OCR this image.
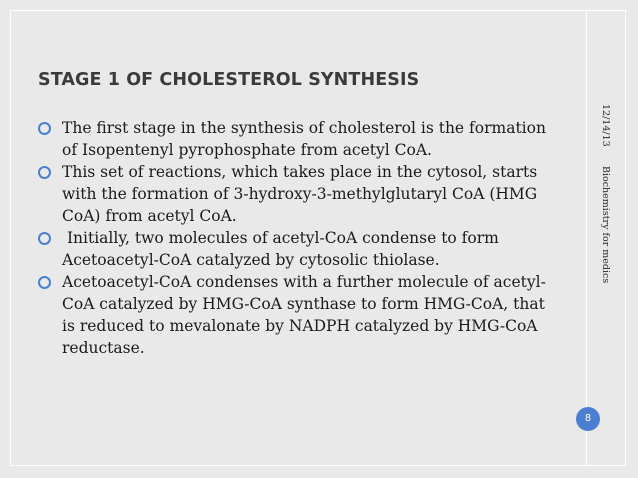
STAGE 1 OF CHOLESTEROL SYNTHESIS
The first stage in the synthesis of cholesterol is the formation of Isopentenyl pyrophosphate from acetyl CoA.
This set of reactions, which takes place in the cytosol, starts with the formation of 3-hydroxy-3-methylglutaryl CoA (HMG CoA) from acetyl CoA.
Initially, two molecules of acetyl-CoA condense to form Acetoacetyl-CoA catalyzed by cytosolic thiolase.
Acetoacetyl-CoA condenses with a further molecule of acetyl-CoA catalyzed by HMG-CoA synthase to form HMG-CoA, that is reduced to mevalonate by NADPH catalyzed by HMG-CoA reductase.
12/14/13 Biochemistry for medics
8
